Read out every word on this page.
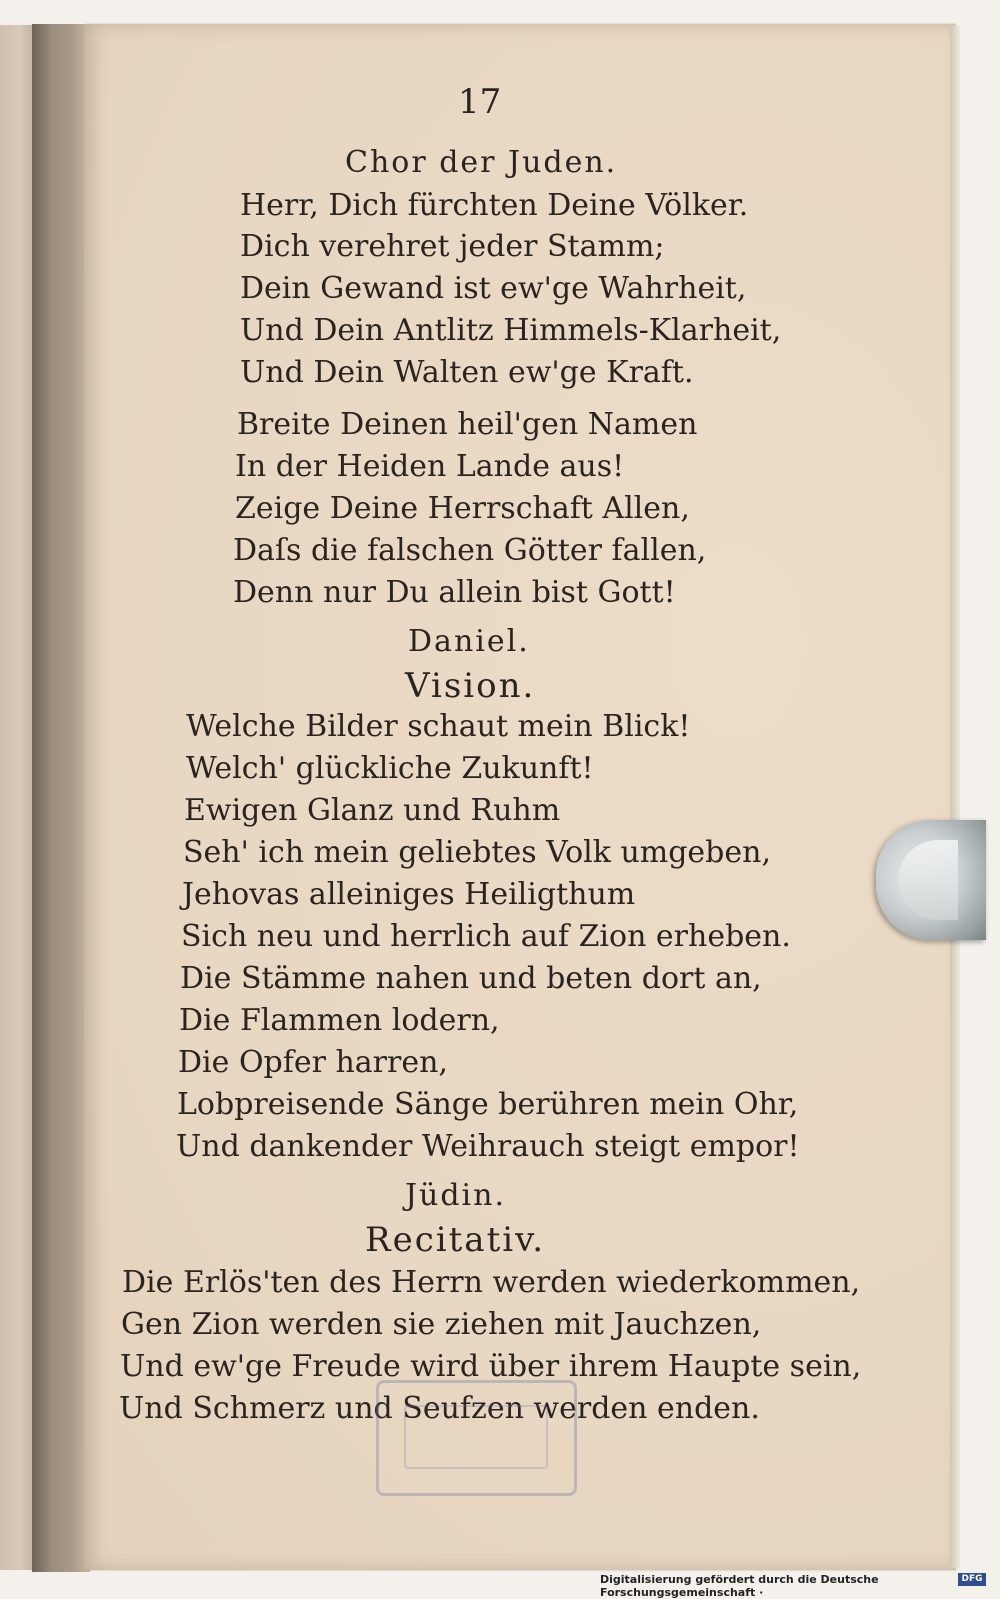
17
Chor der Juden.
Herr, Dich fürchten Deine Völker.
Dich verehret jeder Stamm;
Dein Gewand ist ew'ge Wahrheit,
Und Dein Antlitz Himmels-Klarheit,
Und Dein Walten ew'ge Kraft.
Breite Deinen heil'gen Namen
In der Heiden Lande aus!
Zeige Deine Herrschaft Allen,
Daſs die falschen Götter fallen,
Denn nur Du allein bist Gott!
Daniel.
Vision.
Welche Bilder schaut mein Blick!
Welch' glückliche Zukunft!
Ewigen Glanz und Ruhm
Seh' ich mein geliebtes Volk umgeben,
Jehovas alleiniges Heiligthum
Sich neu und herrlich auf Zion erheben.
Die Stämme nahen und beten dort an,
Die Flammen lodern,
Die Opfer harren,
Lobpreisende Sänge berühren mein Ohr,
Und dankender Weihrauch steigt empor!
Jüdin.
Recitativ.
Die Erlös'ten des Herrn werden wiederkommen,
Gen Zion werden sie ziehen mit Jauchzen,
Und ew'ge Freude wird über ihrem Haupte sein,
Und Schmerz und Seufzen werden enden.
Digitalisierung gefördert durch die Deutsche Forschungsgemeinschaft ·
DFG
